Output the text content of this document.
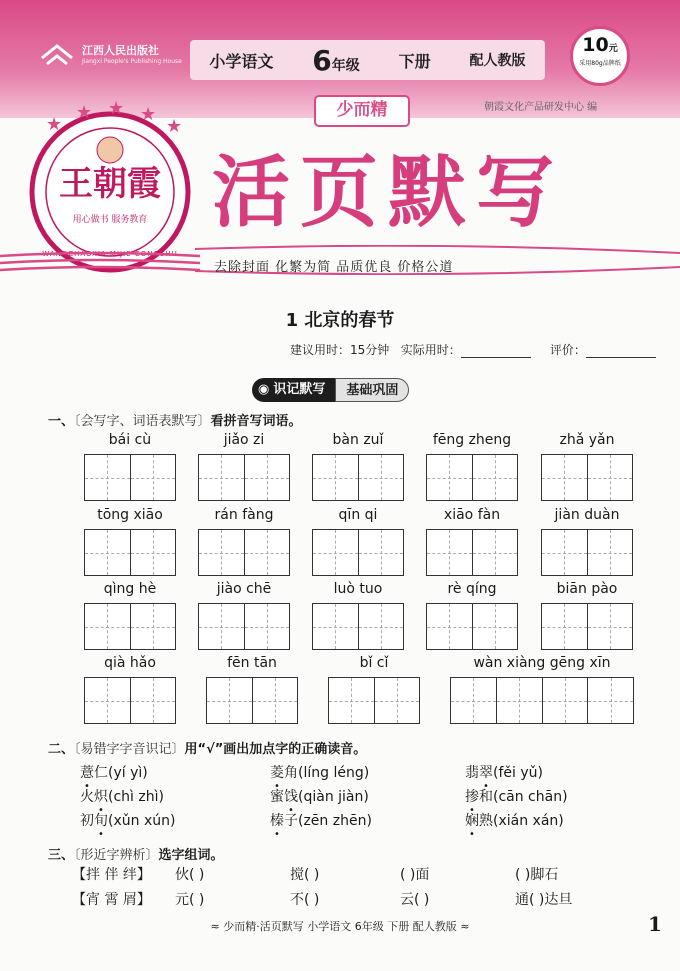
江西人民出版社
Jiangxi People's Publishing House 小学语文 6年级 下册	配人教版
10元
采用80g品牌纸
★
★ ★ ★
★
王朝霞
用心做书 服务教育
WANGZHAOXIA MIJIE CONGSHU
少而精	朝霞文化产品研发中心 编
活页默写
去除封面 化繁为简 品质优良 价格公道
1 北京的春节
建议用时：15分钟 实际用时：	评价：
◉ 识记默写	基础巩固
一、〔会写字、词语表默写〕看拼音写词语。
bái cù	jiǎo zi	bàn zuǐ	fēng zheng	zhǎ yǎn
tōng xiāo	rán fàng	qīn qi	xiāo fàn	jiàn duàn
qìng hè	jiào chē	luò tuo	rè qíng	biān pào
qià hǎo	fēn tān	bǐ cǐ	wàn xiàng gēng xīn
二、〔易错字字音识记〕用“√”画出加点字的正确读音。
薏仁(yí yì)	菱角(líng léng)	翡翠(fěi yǔ)
火炽(chì zhì)	蜜饯(qiàn jiàn)	掺和(cān chān)
初旬(xǔn xún)	榛子(zēn zhēn)	娴熟(xián xán)
三、〔形近字辨析〕选字组词。
【拌 伴 绊】 伙( )	搅( )	( )面	( )脚石
【宵 霄 屑】 元( )	不( )	云( )	通( )达旦
≈ 少而精·活页默写 小学语文 6年级 下册 配人教版 ≈	1
